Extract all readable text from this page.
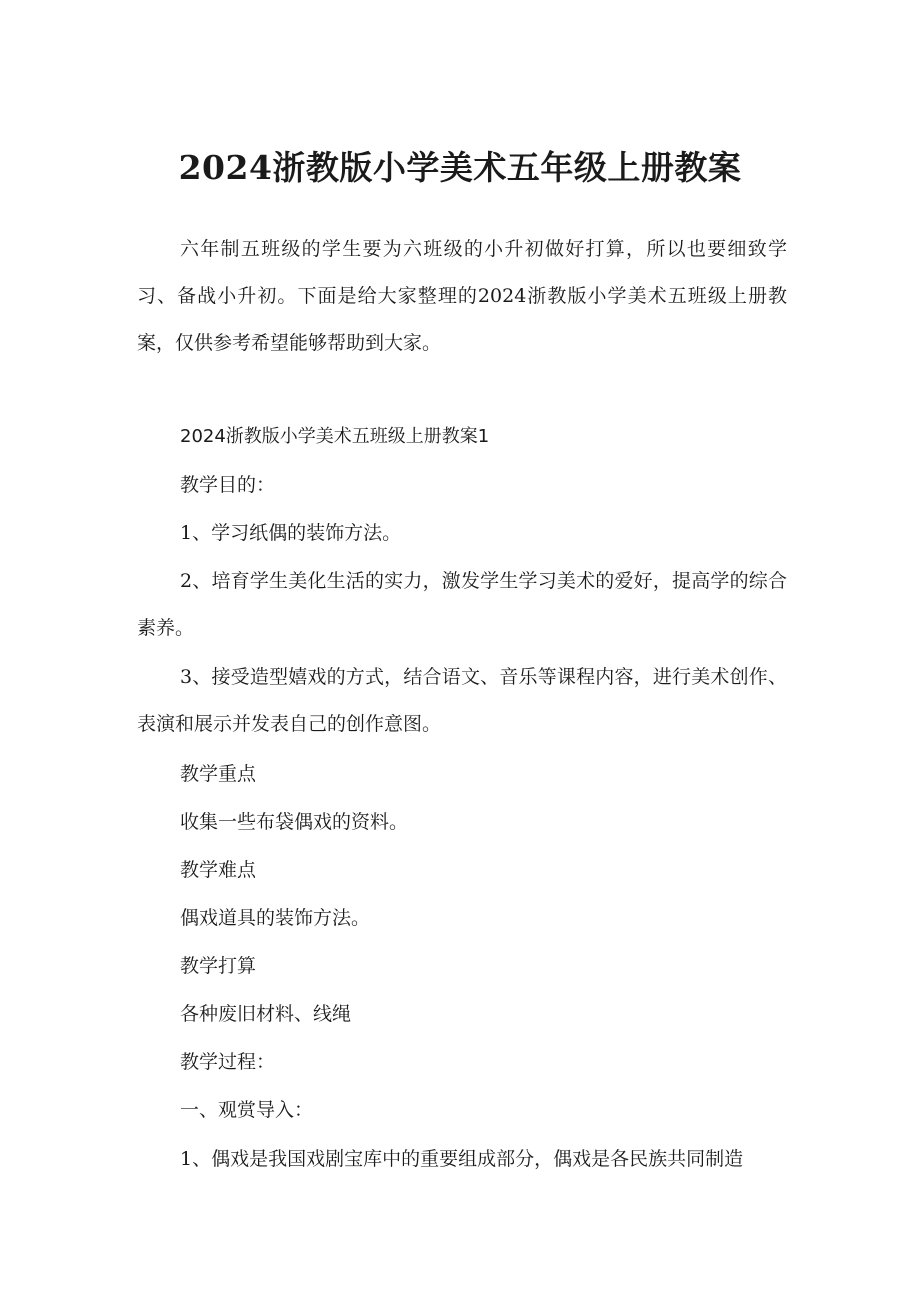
2024浙教版小学美术五年级上册教案

六年制五班级的学生要为六班级的小升初做好打算，所以也要细致学习、备战小升初。下面是给大家整理的2024浙教版小学美术五班级上册教案，仅供参考希望能够帮助到大家。

2024浙教版小学美术五班级上册教案1

教学目的：

1、学习纸偶的装饰方法。

2、培育学生美化生活的实力，激发学生学习美术的爱好，提高学的综合素养。

3、接受造型嬉戏的方式，结合语文、音乐等课程内容，进行美术创作、表演和展示并发表自己的创作意图。

教学重点

收集一些布袋偶戏的资料。

教学难点

偶戏道具的装饰方法。

教学打算

各种废旧材料、线绳

教学过程：

一、观赏导入：

1、偶戏是我国戏剧宝库中的重要组成部分，偶戏是各民族共同制造
